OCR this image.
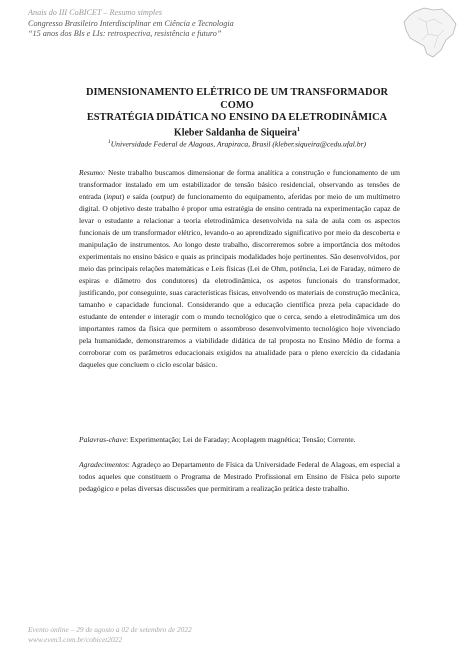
Anais do III CoBICET – Resumo simples
Congresso Brasileiro Interdisciplinar em Ciência e Tecnologia
“15 anos dos BIs e LIs: retrospectiva, resistência e futuro”
DIMENSIONAMENTO ELÉTRICO DE UM TRANSFORMADOR COMO
ESTRATÉGIA DIDÁTICA NO ENSINO DA ELETRODINÂMICA
Kleber Saldanha de Siqueira$^1$
$^1$Universidade Federal de Alagoas, Arapiraca, Brasil (kleber.siqueira@cedu.ufal.br)
Resumo: Neste trabalho buscamos dimensionar de forma analítica a construção e funcionamento de um transformador instalado em um estabilizador de tensão básico residencial, observando as tensões de entrada (input) e saída (output) de funcionamento do equipamento, aferidas por meio de um multímetro digital. O objetivo deste trabalho é propor uma estratégia de ensino centrada na experimentação capaz de levar o estudante a relacionar a teoria eletrodinâmica desenvolvida na sala de aula com os aspectos funcionais de um transformador elétrico, levando-o ao aprendizado significativo por meio da descoberta e manipulação de instrumentos. Ao longo deste trabalho, discorreremos sobre a importância dos métodos experimentais no ensino básico e quais as principais modalidades hoje pertinentes. São desenvolvidos, por meio das principais relações matemáticas e Leis físicas (Lei de Ohm, potência, Lei de Faraday, número de espiras e diâmetro dos condutores) da eletrodinâmica, os aspetos funcionais do transformador, justificando, por conseguinte, suas características físicas, envolvendo os materiais de construção mecânica, tamanho e capacidade funcional. Considerando que a educação científica preza pela capacidade do estudante de entender e interagir com o mundo tecnológico que o cerca, sendo a eletrodinâmica um dos importantes ramos da física que permitem o assombroso desenvolvimento tecnológico hoje vivenciado pela humanidade, demonstraremos a viabilidade didática de tal proposta no Ensino Médio de forma a corroborar com os parâmetros educacionais exigidos na atualidade para o pleno exercício da cidadania daqueles que concluem o ciclo escolar básico.
Palavras-chave: Experimentação; Lei de Faraday; Acoplagem magnética; Tensão; Corrente.
Agradecimentos: Agradeço ao Departamento de Física da Universidade Federal de Alagoas, em especial a todos aqueles que constituem o Programa de Mestrado Profissional em Ensino de Física pelo suporte pedagógico e pelas diversas discussões que permitiram a realização prática deste trabalho.
Evento online – 29 de agosto a 02 de setembro de 2022
www.even3.com.br/cobicet2022
